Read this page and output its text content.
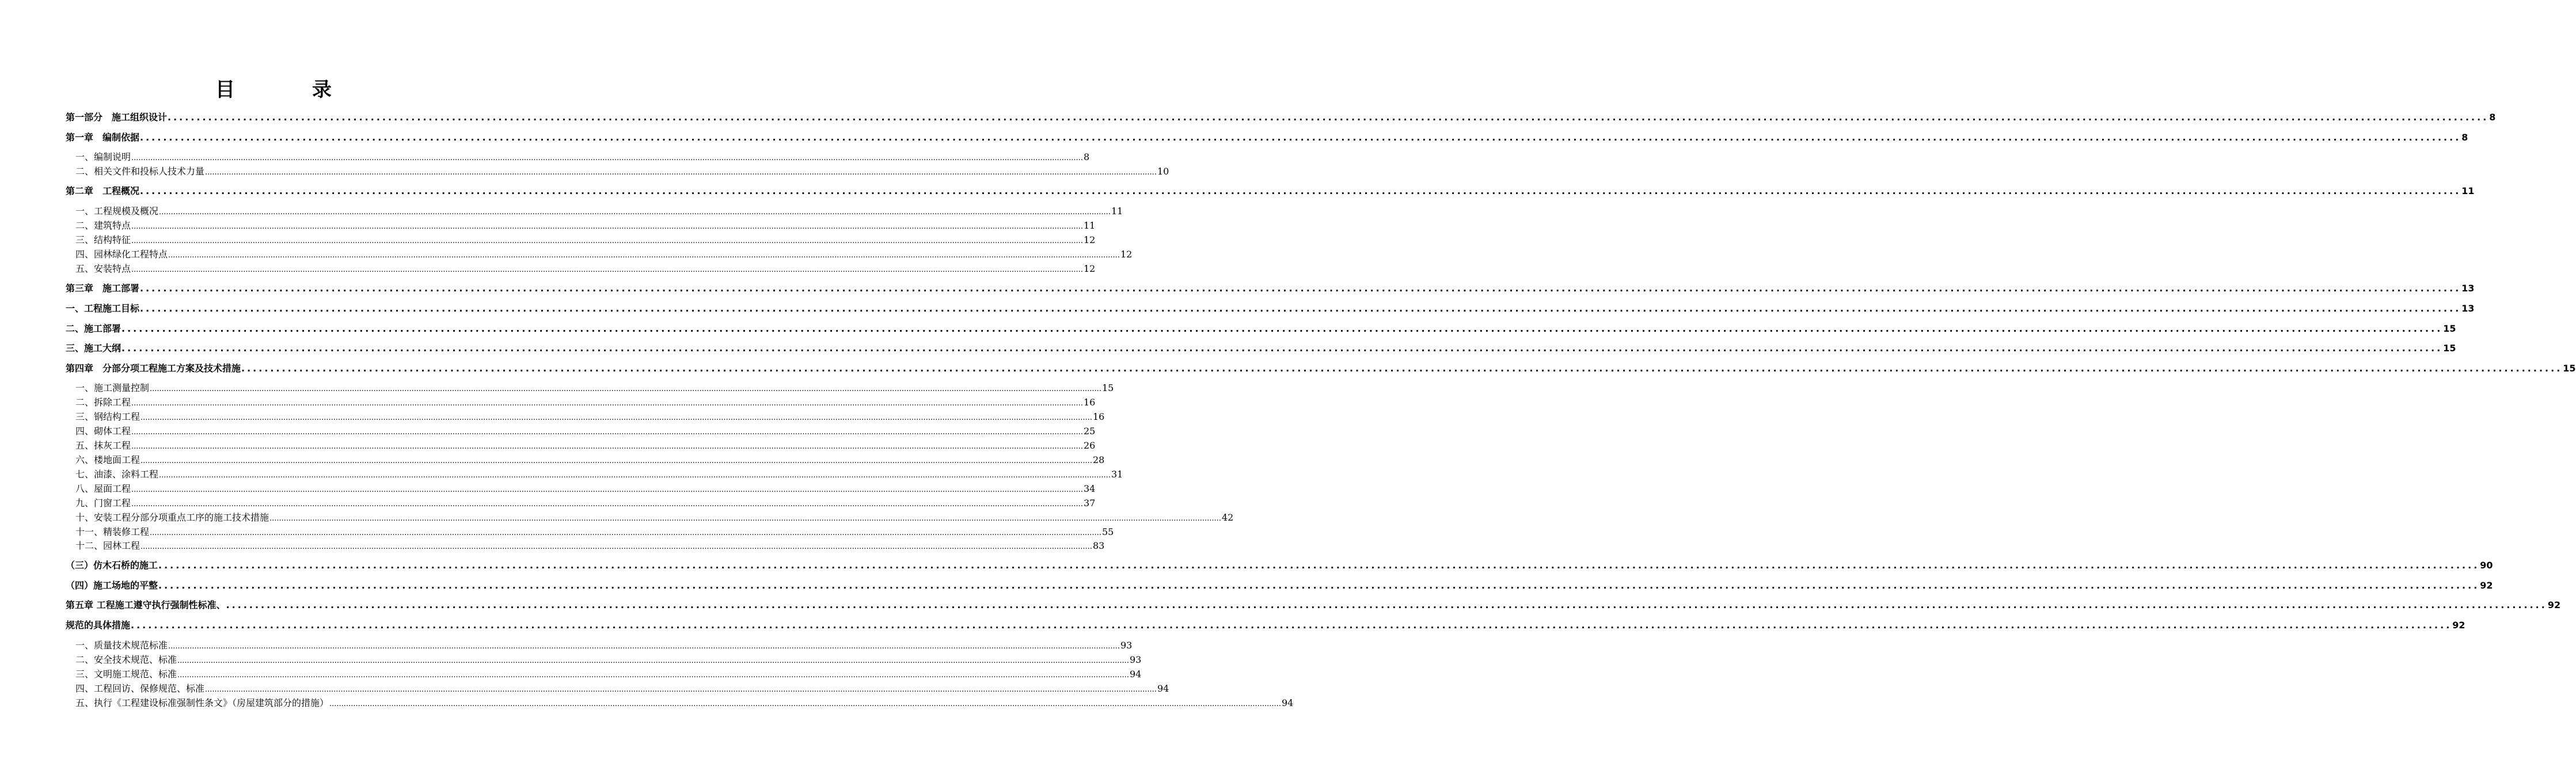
目　录
第一部分　施工组织设计 ................................................................................................................................................................................................................................................................................................................................................................................................................ 8
第一章　编制依据 ................................................................................................................................................................................................................................................................................................................................................................................................................ 8
一、编制说明 ................................................................................................................................................................................................................................................................................................................................................................................................................ 8
二、相关文件和投标人技术力量 ................................................................................................................................................................................................................................................................................................................................................................................................................ 10
第二章　工程概况 ................................................................................................................................................................................................................................................................................................................................................................................................................ 11
一、工程规模及概况 ................................................................................................................................................................................................................................................................................................................................................................................................................ 11
二、建筑特点 ................................................................................................................................................................................................................................................................................................................................................................................................................ 11
三、结构特征 ................................................................................................................................................................................................................................................................................................................................................................................................................ 12
四、园林绿化工程特点 ................................................................................................................................................................................................................................................................................................................................................................................................................ 12
五、安装特点 ................................................................................................................................................................................................................................................................................................................................................................................................................ 12
第三章　施工部署 ................................................................................................................................................................................................................................................................................................................................................................................................................ 13
一、工程施工目标 ................................................................................................................................................................................................................................................................................................................................................................................................................ 13
二、施工部署 ................................................................................................................................................................................................................................................................................................................................................................................................................ 15
三、施工大纲 ................................................................................................................................................................................................................................................................................................................................................................................................................ 15
第四章　分部分项工程施工方案及技术措施 ................................................................................................................................................................................................................................................................................................................................................................................................................ 15
一、施工测量控制 ................................................................................................................................................................................................................................................................................................................................................................................................................ 15
二、拆除工程 ................................................................................................................................................................................................................................................................................................................................................................................................................ 16
三、钢结构工程 ................................................................................................................................................................................................................................................................................................................................................................................................................ 16
四、砌体工程 ................................................................................................................................................................................................................................................................................................................................................................................................................ 25
五、抹灰工程 ................................................................................................................................................................................................................................................................................................................................................................................................................ 26
六、楼地面工程 ................................................................................................................................................................................................................................................................................................................................................................................................................ 28
七、油漆、涂料工程 ................................................................................................................................................................................................................................................................................................................................................................................................................ 31
八、屋面工程 ................................................................................................................................................................................................................................................................................................................................................................................................................ 34
九、门窗工程 ................................................................................................................................................................................................................................................................................................................................................................................................................ 37
十、安装工程分部分项重点工序的施工技术措施 ................................................................................................................................................................................................................................................................................................................................................................................................................ 42
十一、精装修工程 ................................................................................................................................................................................................................................................................................................................................................................................................................ 55
十二、园林工程 ................................................................................................................................................................................................................................................................................................................................................................................................................ 83
（三）仿木石桥的施工 ................................................................................................................................................................................................................................................................................................................................................................................................................ 90
（四）施工场地的平整 ................................................................................................................................................................................................................................................................................................................................................................................................................ 92
第五章 工程施工遵守执行强制性标准、 ................................................................................................................................................................................................................................................................................................................................................................................................................ 92
规范的具体措施 ................................................................................................................................................................................................................................................................................................................................................................................................................ 92
一、质量技术规范标准 ................................................................................................................................................................................................................................................................................................................................................................................................................ 93
二、安全技术规范、标准 ................................................................................................................................................................................................................................................................................................................................................................................................................ 93
三、文明施工规范、标准 ................................................................................................................................................................................................................................................................................................................................................................................................................ 94
四、工程回访、保修规范、标准 ................................................................................................................................................................................................................................................................................................................................................................................................................ 94
五、执行《工程建设标准强制性条文》（房屋建筑部分的措施） ................................................................................................................................................................................................................................................................................................................................................................................................................ 94
